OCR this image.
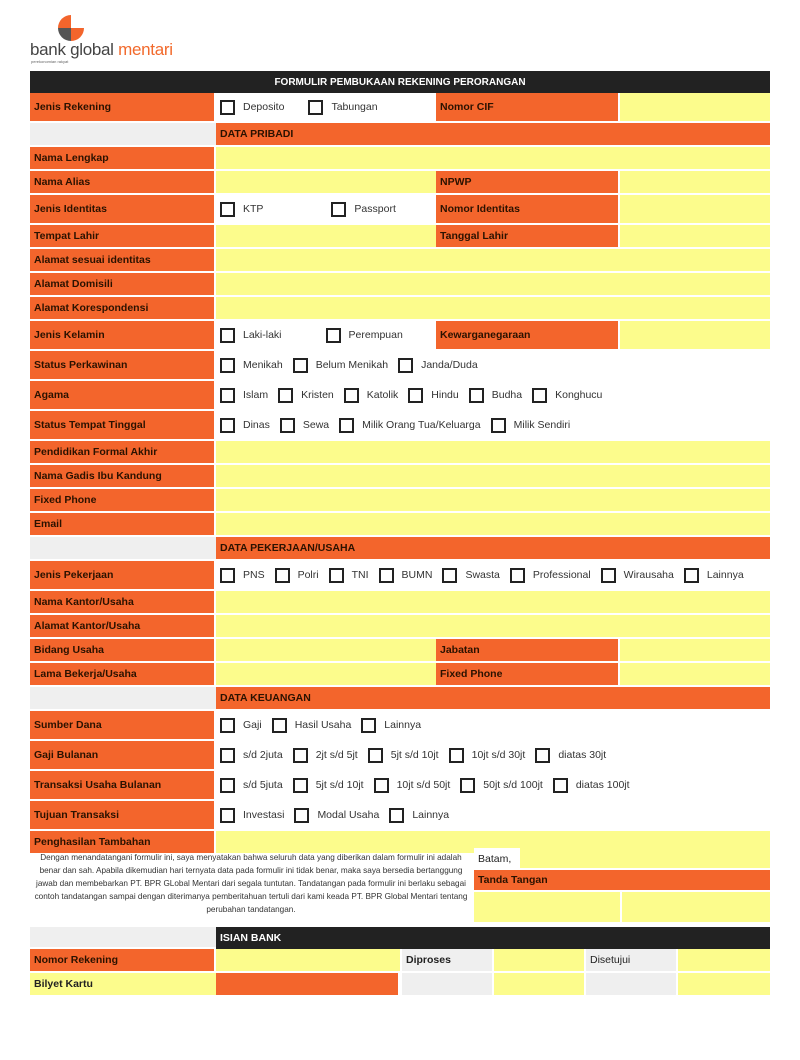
bank global mentari
perekonomian rakyat
FORMULIR PEMBUKAAN REKENING PERORANGAN
Jenis Rekening	Deposito	Tabungan	Nomor CIF
DATA PRIBADI
Nama Lengkap
Nama Alias	NPWP
Jenis Identitas	KTP	Passport	Nomor Identitas
Tempat Lahir	Tanggal Lahir
Alamat sesuai identitas
Alamat Domisili
Alamat Korespondensi
Jenis Kelamin	Laki-laki	Perempuan	Kewarganegaraan
Status Perkawinan	Menikah	Belum Menikah	Janda/Duda
Agama	Islam	Kristen	Katolik	Hindu	Budha	Konghucu
Status Tempat Tinggal	Dinas	Sewa	Milik Orang Tua/Keluarga	Milik Sendiri
Pendidikan Formal Akhir
Nama Gadis Ibu Kandung
Fixed Phone
Email
DATA PEKERJAAN/USAHA
Jenis Pekerjaan	PNS	Polri	TNI	BUMN	Swasta	Professional	Wirausaha	Lainnya
Nama Kantor/Usaha
Alamat Kantor/Usaha
Bidang Usaha	Jabatan
Lama Bekerja/Usaha	Fixed Phone
DATA KEUANGAN
Sumber Dana	Gaji	Hasil Usaha	Lainnya
Gaji Bulanan	s/d 2juta	2jt s/d 5jt	5jt s/d 10jt	10jt s/d 30jt	diatas 30jt
Transaksi Usaha Bulanan	s/d 5juta	5jt s/d 10jt	10jt s/d 50jt	50jt s/d 100jt	diatas 100jt
Tujuan Transaksi	Investasi	Modal Usaha	Lainnya
Penghasilan Tambahan
Dengan menandatangani formulir ini, saya menyatakan bahwa seluruh data yang diberikan dalam formulir ini adalah benar dan sah. Apabila dikemudian hari ternyata data pada formulir ini tidak benar, maka saya bersedia bertanggung jawab dan membebarkan PT. BPR GLobal Mentari dari segala tuntutan. Tandatangan pada formulir ini berlaku sebagai contoh tandatangan sampai dengan diterimanya pemberitahuan tertuli dari kami keada PT. BPR Global Mentari tentang perubahan tandatangan.
Batam,
Tanda Tangan
ISIAN BANK
Nomor Rekening	Diproses	Disetujui
Bilyet Kartu
